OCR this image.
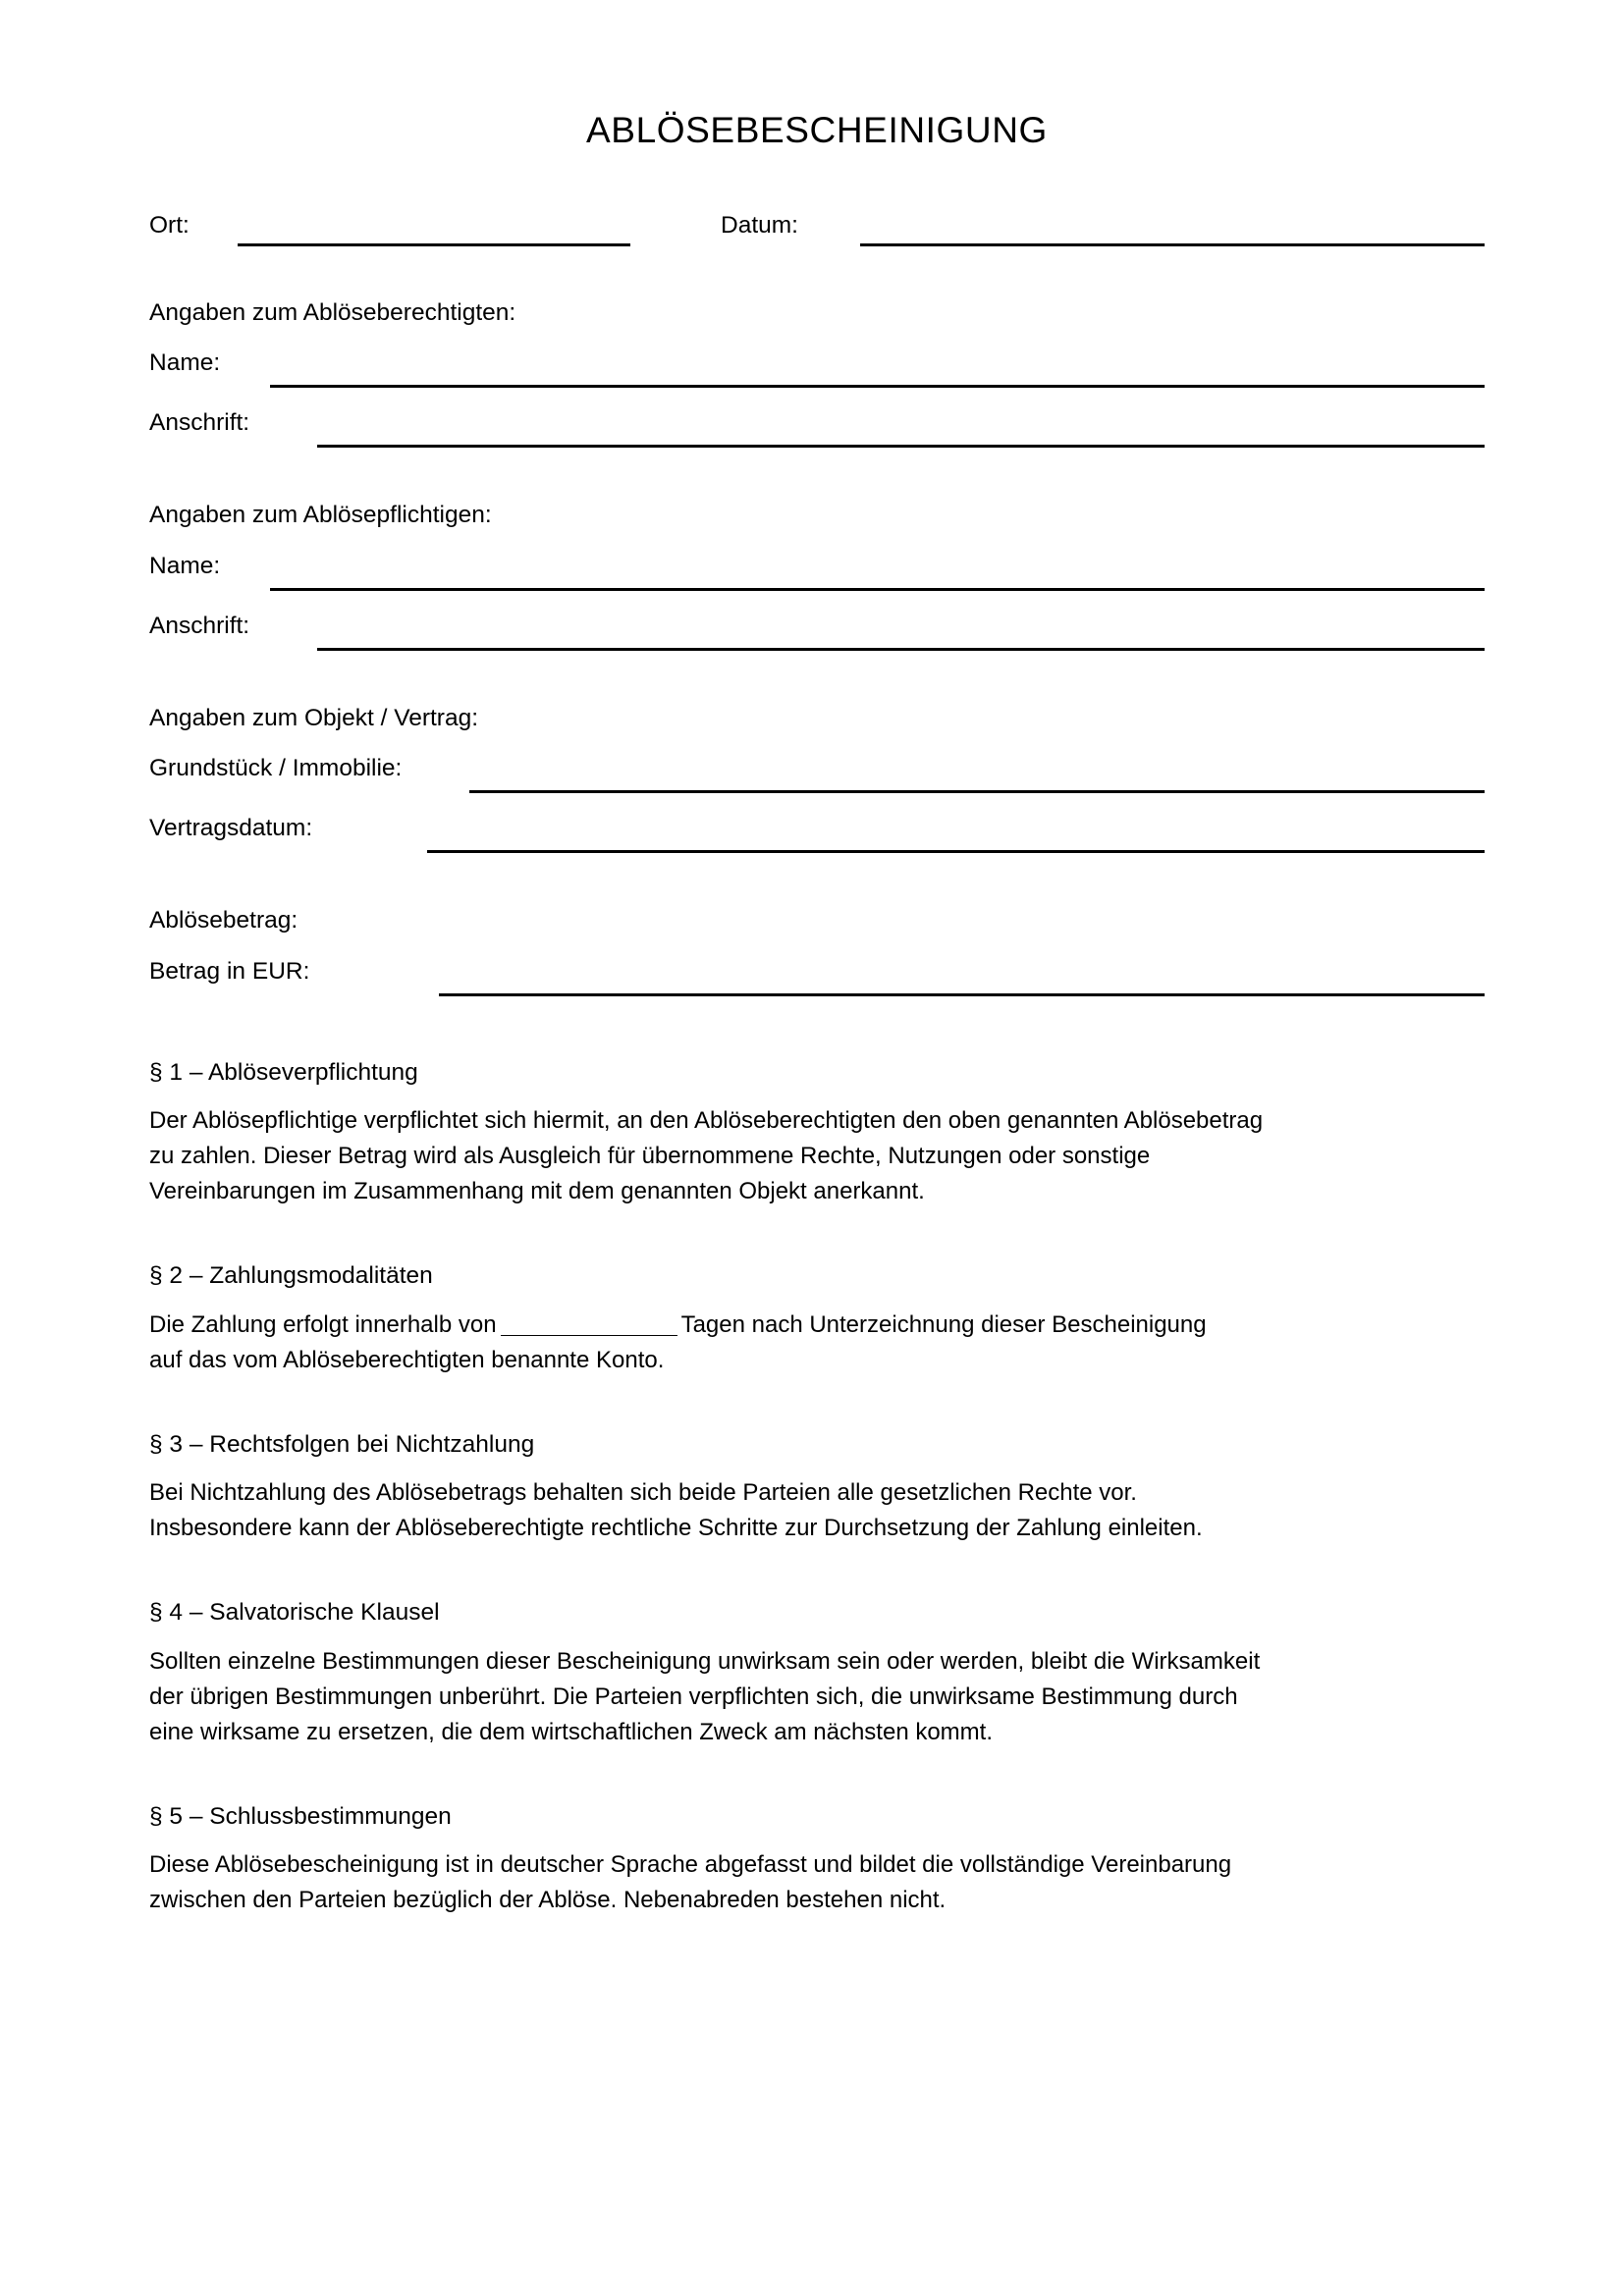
ABLÖSEBESCHEINIGUNG
Ort:	Datum:

Angaben zum Ablöseberechtigten:

Name:
Anschrift:

Angaben zum Ablösepflichtigen:

Name:
Anschrift:

Angaben zum Objekt / Vertrag:

Grundstück / Immobilie:
Vertragsdatum:

Ablösebetrag:

Betrag in EUR:

§ 1 – Ablöseverpflichtung

Der Ablösepflichtige verpflichtet sich hiermit, an den Ablöseberechtigten den oben genannten Ablösebetrag
zu zahlen. Dieser Betrag wird als Ausgleich für übernommene Rechte, Nutzungen oder sonstige
Vereinbarungen im Zusammenhang mit dem genannten Objekt anerkannt.

§ 2 – Zahlungsmodalitäten

Die Zahlung erfolgt innerhalb von	Tagen nach Unterzeichnung dieser Bescheinigung
auf das vom Ablöseberechtigten benannte Konto.

§ 3 – Rechtsfolgen bei Nichtzahlung

Bei Nichtzahlung des Ablösebetrags behalten sich beide Parteien alle gesetzlichen Rechte vor.
Insbesondere kann der Ablöseberechtigte rechtliche Schritte zur Durchsetzung der Zahlung einleiten.

§ 4 – Salvatorische Klausel

Sollten einzelne Bestimmungen dieser Bescheinigung unwirksam sein oder werden, bleibt die Wirksamkeit
der übrigen Bestimmungen unberührt. Die Parteien verpflichten sich, die unwirksame Bestimmung durch
eine wirksame zu ersetzen, die dem wirtschaftlichen Zweck am nächsten kommt.

§ 5 – Schlussbestimmungen

Diese Ablösebescheinigung ist in deutscher Sprache abgefasst und bildet die vollständige Vereinbarung
zwischen den Parteien bezüglich der Ablöse. Nebenabreden bestehen nicht.
